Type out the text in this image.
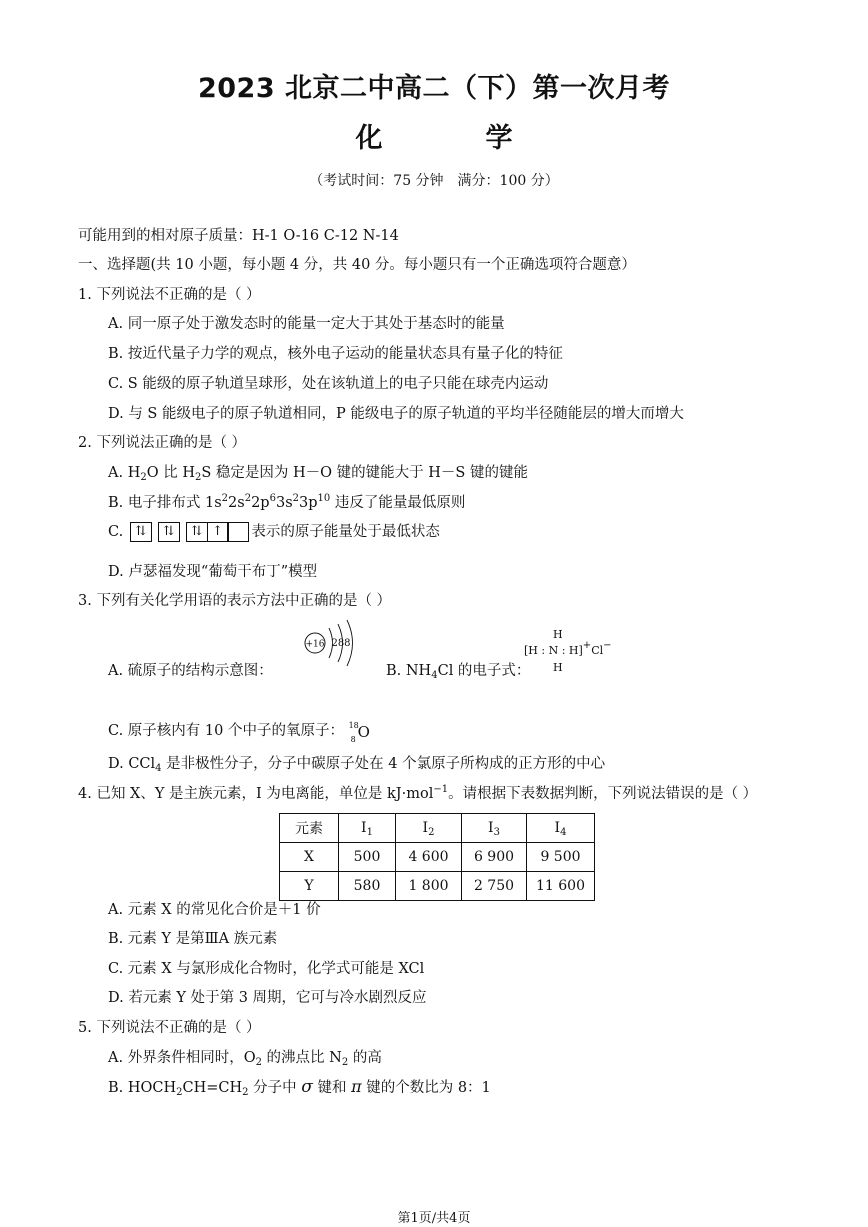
2023 北京二中高二（下）第一次月考
化　学
（考试时间：75 分钟　满分：100 分）
可能用到的相对原子质量：H-1 O-16 C-12 N-14
一、选择题(共 10 小题，每小题 4 分，共 40 分。每小题只有一个正确选项符合题意）
1. 下列说法不正确的是（ ）
A. 同一原子处于激发态时的能量一定大于其处于基态时的能量
B. 按近代量子力学的观点，核外电子运动的能量状态具有量子化的特征
C. S 能级的原子轨道呈球形，处在该轨道上的电子只能在球壳内运动
D. 与 S 能级电子的原子轨道相同，P 能级电子的原子轨道的平均半径随能层的增大而增大
2. 下列说法正确的是（ ）
A. $H_2O$ 比 $H_2S$ 稳定是因为 H－O 键的键能大于 H－S 键的键能
B. 电子排布式 $1s^22s^22p^63s^23p^{10}$ 违反了能量最低原则
C. ⇅	⇅	⇅ ↑	表示的原子能量处于最低状态
D. 卢瑟福发现“葡萄干布丁”模型
3. 下列有关化学用语的表示方法中正确的是（ ）
A. 硫原子的结构示意图：
+16 288
B. $NH_4Cl$ 的电子式：
H
[H : N : H]+Cl−
H
C. 原子核内有 10 个中子的氧原子： 18
8 O
D. CCl$_4$ 是非极性分子，分子中碳原子处在 4 个氯原子所构成的正方形的中心
4. 已知 X、Y 是主族元素，I 为电离能，单位是 kJ·mol$^{-1}$。请根据下表数据判断，下列说法错误的是（ ）
元素	$I_1$	$I_2$	$I_3$	$I_4$
X	500	4 600	6 900	9 500
Y	580	1 800	2 750	11 600
A. 元素 X 的常见化合价是＋1 价
B. 元素 Y 是第ⅢA 族元素
C. 元素 X 与氯形成化合物时，化学式可能是 XCl
D. 若元素 Y 处于第 3 周期，它可与冷水剧烈反应
5. 下列说法不正确的是（ ）
A. 外界条件相同时，$O_2$ 的沸点比 $N_2$ 的高
B. $HOCH_2CH=CH_2$ 分子中 σ 键和 π 键的个数比为 8：1
第1页/共4页
